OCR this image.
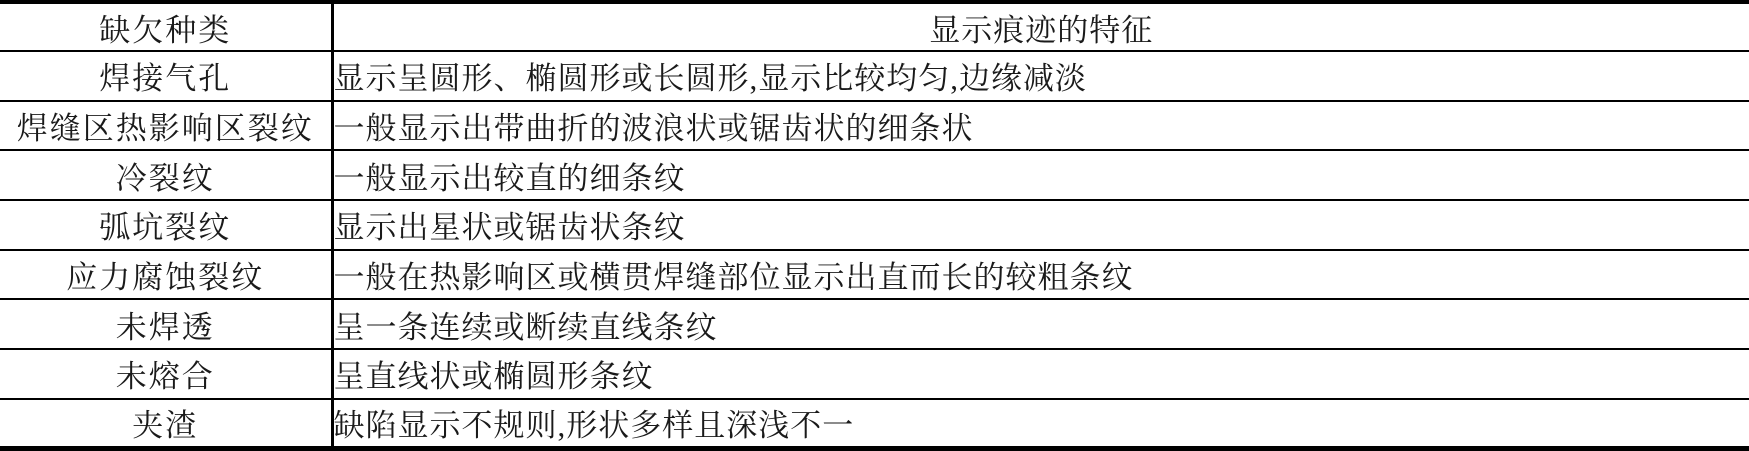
缺欠种类	显示痕迹的特征
焊接气孔	显示呈圆形、椭圆形或长圆形,显示比较均匀,边缘减淡
焊缝区热影响区裂纹	一般显示出带曲折的波浪状或锯齿状的细条状
冷裂纹	一般显示出较直的细条纹
弧坑裂纹	显示出星状或锯齿状条纹
应力腐蚀裂纹	一般在热影响区或横贯焊缝部位显示出直而长的较粗条纹
未焊透	呈一条连续或断续直线条纹
未熔合	呈直线状或椭圆形条纹
夹渣	缺陷显示不规则,形状多样且深浅不一
